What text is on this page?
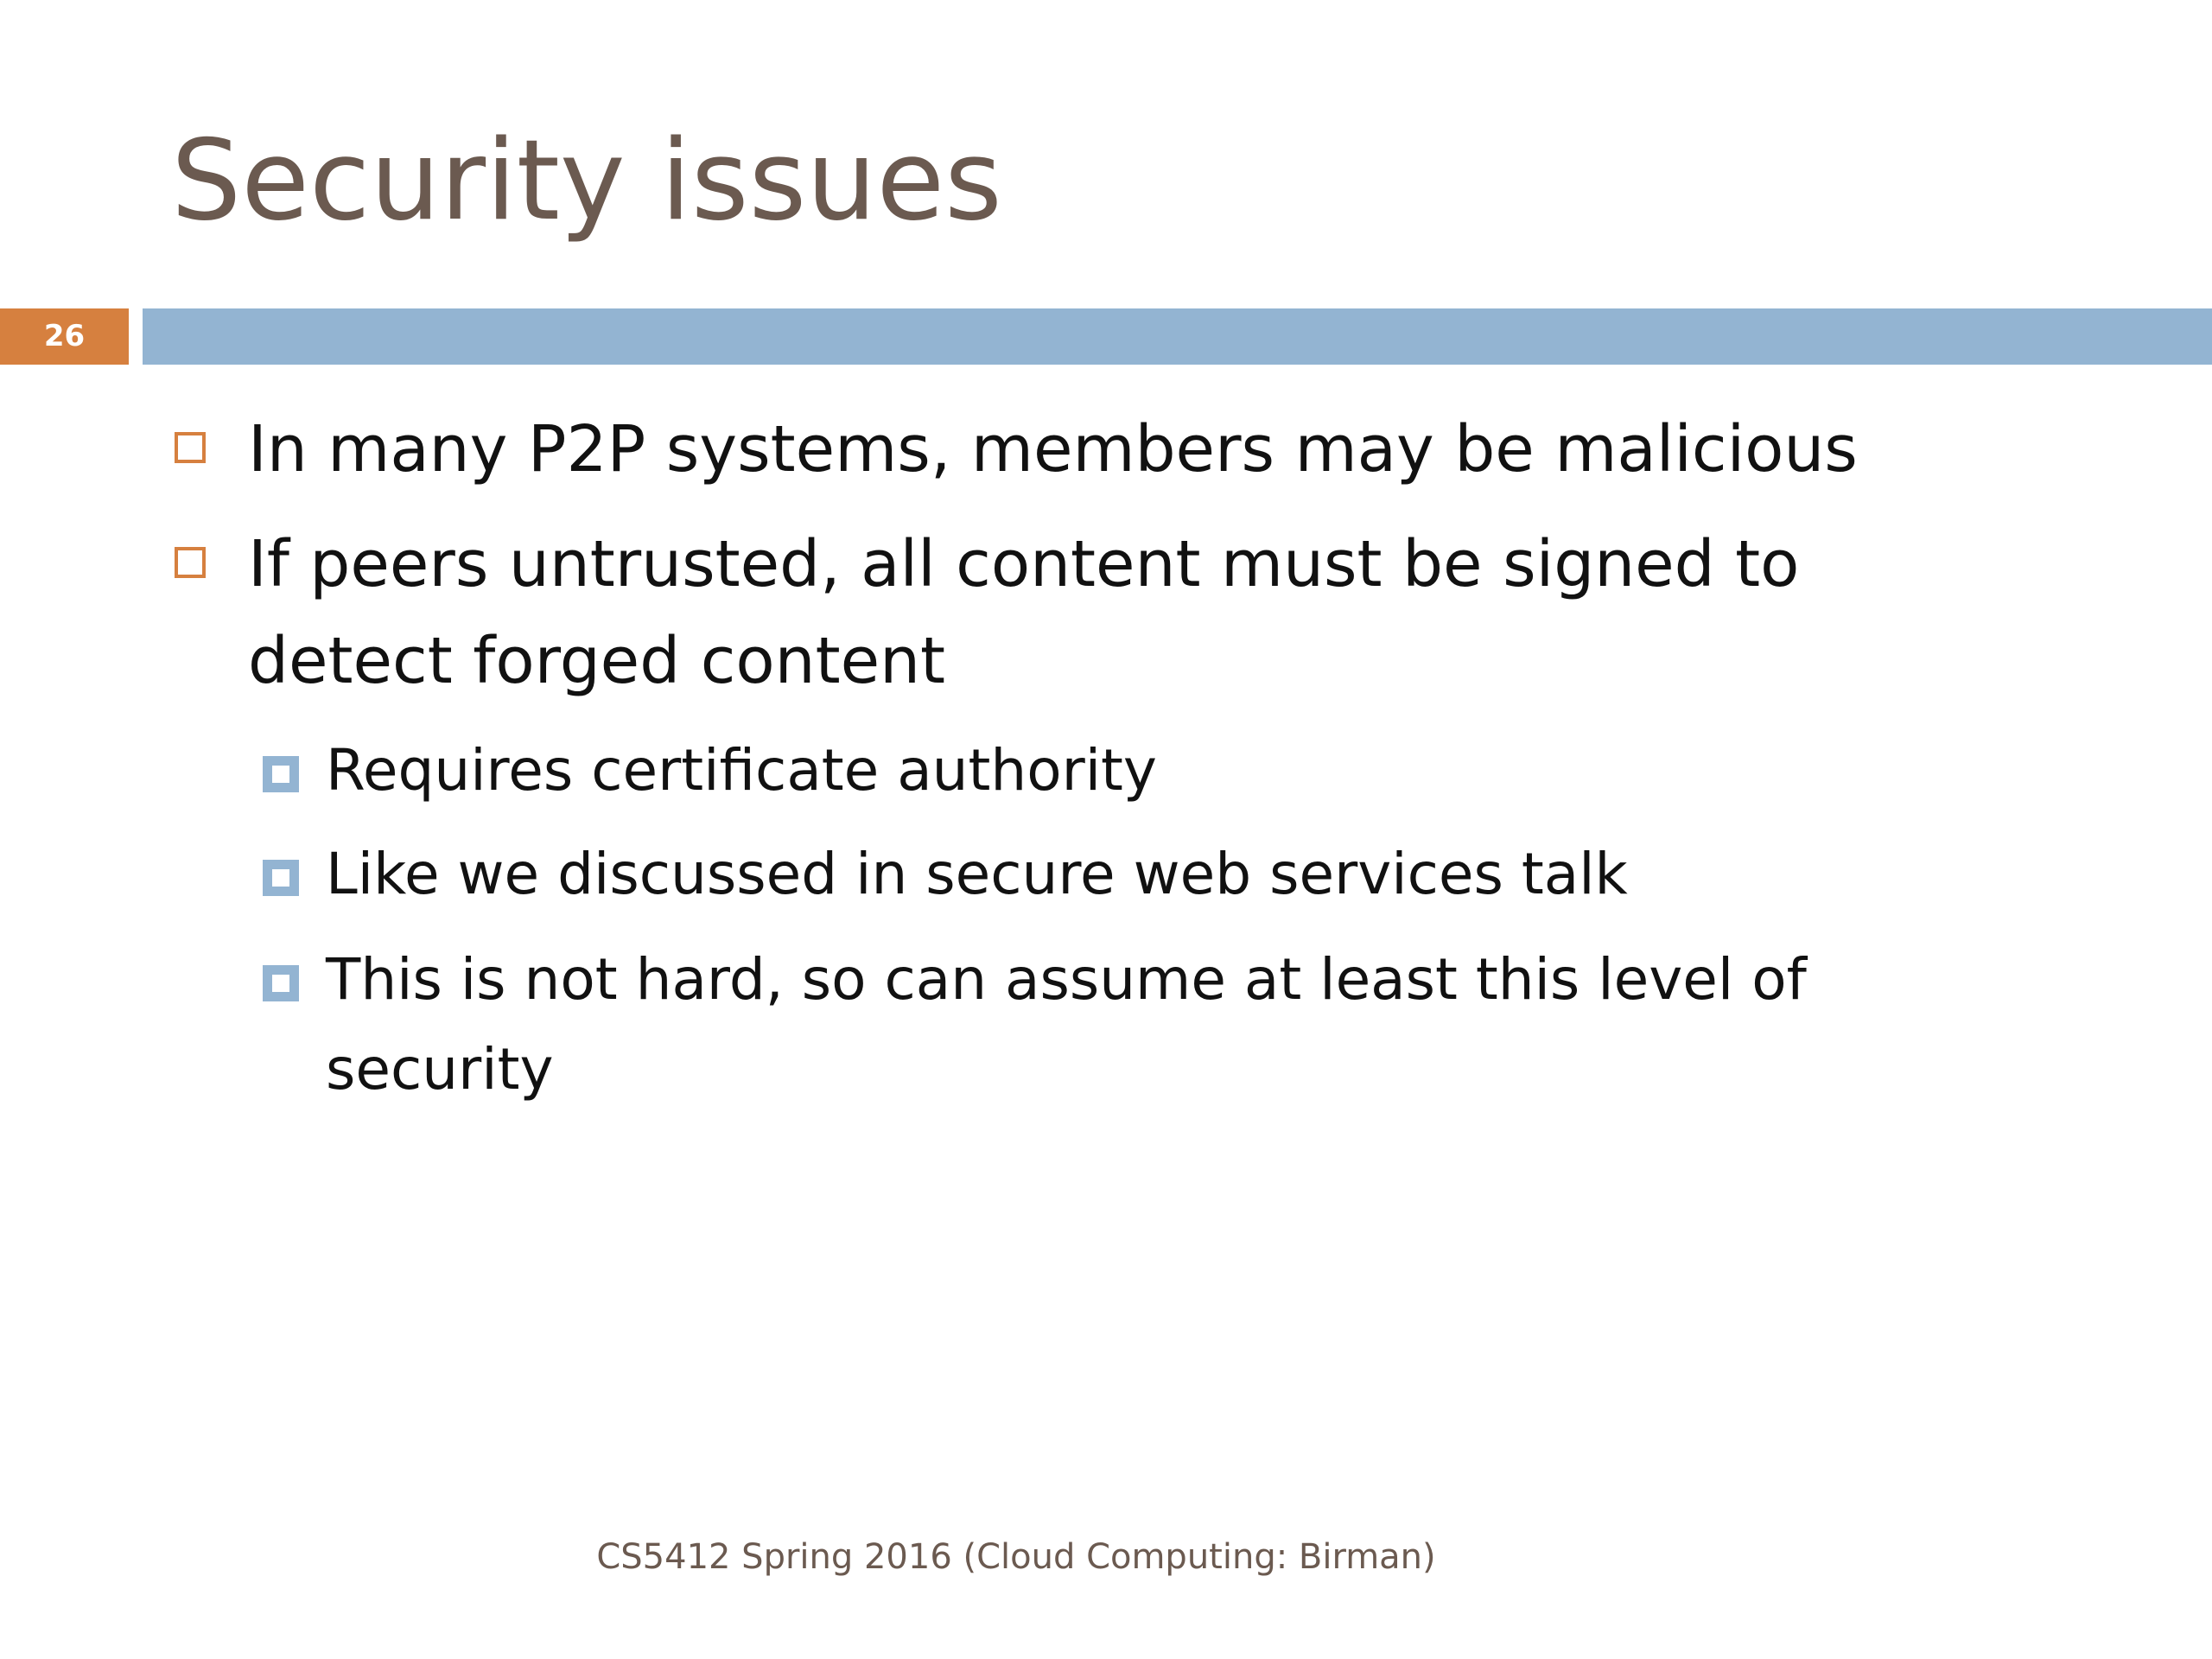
Security issues
26
In many P2P systems, members may be malicious
If peers untrusted, all content must be signed to detect forged content
Requires certificate authority
Like we discussed in secure web services talk
This is not hard, so can assume at least this level of security
CS5412 Spring 2016 (Cloud Computing: Birman)
